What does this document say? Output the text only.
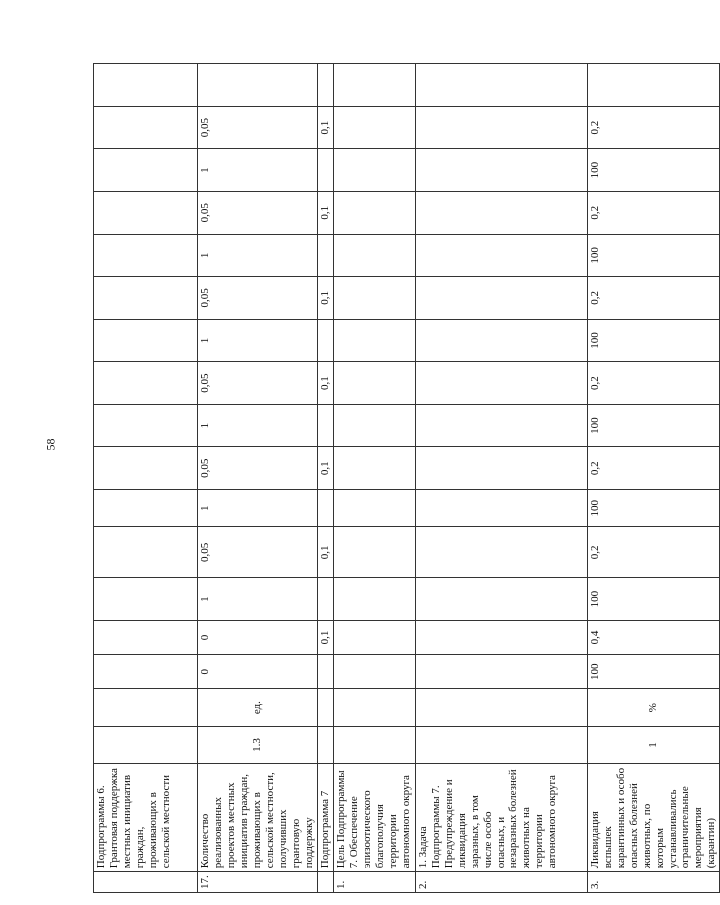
58
	Подпрограммы 6. Грантовая поддержка местных инициатив граждан, проживающих в сельской местности																	
17.	Количество реализованных проектов местных инициатив граждан, проживающих в сельской местности, получивших грантовую поддержку	1.3	ед.	0	0	1	0,05	1	0,05	1	0,05	1	0,05	1	0,05	1	0,05	
	Подпрограмма 7				0,1		0,1		0,1		0,1		0,1		0,1		0,1	
1.	Цель Подпрограммы 7. Обеспечение эпизоотического благополучия территории автономного округа																	
2.	1. Задача Подпрограммы 7. Предупреждение и ликвидация заразных, в том числе особо опасных, и незаразных болезней животных на территории автономного округа																	
3.	Ликвидация вспышек карантинных и особо опасных болезней животных, по которым устанавливались ограничительные мероприятия (карантин)	1	%	100	0,4	100	0,2	100	0,2	100	0,2	100	0,2	100	0,2	100	0,2	
